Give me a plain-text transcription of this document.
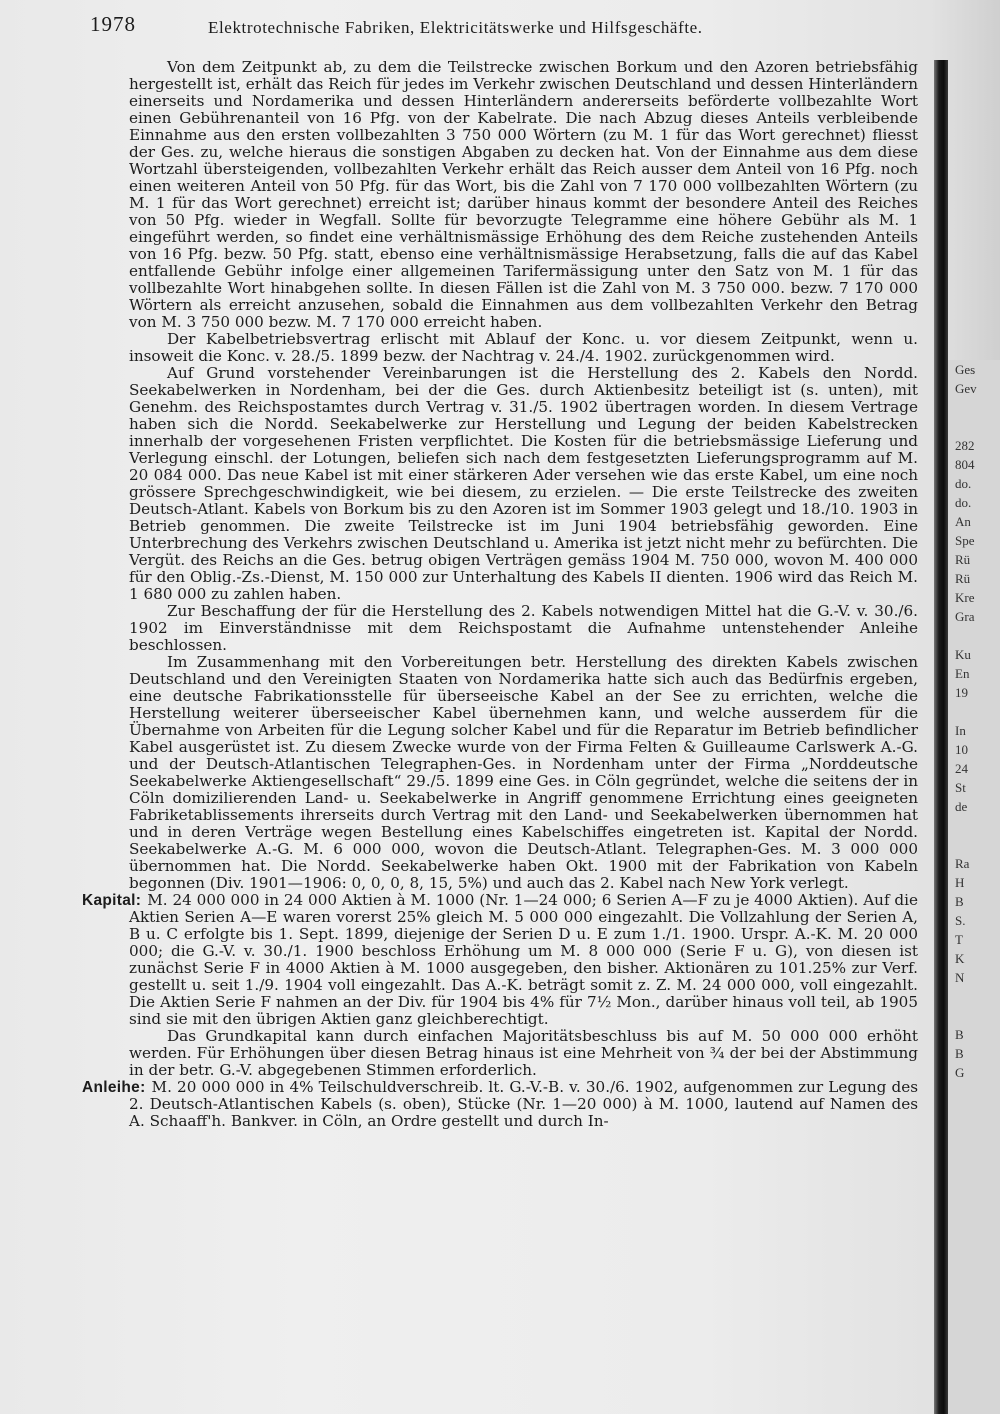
1978	Elektrotechnische Fabriken, Elektricitätswerke und Hilfsgeschäfte.

Von dem Zeitpunkt ab, zu dem die Teilstrecke zwischen Borkum und den Azoren betriebsfähig hergestellt ist, erhält das Reich für jedes im Verkehr zwischen Deutschland und dessen Hinterländern einerseits und Nordamerika und dessen Hinterländern andererseits beförderte vollbezahlte Wort einen Gebührenanteil von 16 Pfg. von der Kabelrate. Die nach Abzug dieses Anteils verbleibende Einnahme aus den ersten vollbezahlten 3 750 000 Wörtern (zu M. 1 für das Wort gerechnet) fliesst der Ges. zu, welche hieraus die sonstigen Abgaben zu decken hat. Von der Einnahme aus dem diese Wortzahl übersteigenden, vollbezahlten Verkehr erhält das Reich ausser dem Anteil von 16 Pfg. noch einen weiteren Anteil von 50 Pfg. für das Wort, bis die Zahl von 7 170 000 vollbezahlten Wörtern (zu M. 1 für das Wort gerechnet) erreicht ist; darüber hinaus kommt der besondere Anteil des Reiches von 50 Pfg. wieder in Wegfall. Sollte für bevorzugte Telegramme eine höhere Gebühr als M. 1 eingeführt werden, so findet eine verhältnismässige Erhöhung des dem Reiche zustehenden Anteils von 16 Pfg. bezw. 50 Pfg. statt, ebenso eine verhältnismässige Herabsetzung, falls die auf das Kabel entfallende Gebühr infolge einer allgemeinen Tarifermässigung unter den Satz von M. 1 für das vollbezahlte Wort hinabgehen sollte. In diesen Fällen ist die Zahl von M. 3 750 000. bezw. 7 170 000 Wörtern als erreicht anzusehen, sobald die Einnahmen aus dem vollbezahlten Verkehr den Betrag von M. 3 750 000 bezw. M. 7 170 000 erreicht haben.

Der Kabelbetriebsvertrag erlischt mit Ablauf der Konc. u. vor diesem Zeitpunkt, wenn u. insoweit die Konc. v. 28./5. 1899 bezw. der Nachtrag v. 24./4. 1902. zurückgenommen wird.

Auf Grund vorstehender Vereinbarungen ist die Herstellung des 2. Kabels den Nordd. Seekabelwerken in Nordenham, bei der die Ges. durch Aktienbesitz beteiligt ist (s. unten), mit Genehm. des Reichspostamtes durch Vertrag v. 31./5. 1902 übertragen worden. In diesem Vertrage haben sich die Nordd. Seekabelwerke zur Herstellung und Legung der beiden Kabelstrecken innerhalb der vorgesehenen Fristen verpflichtet. Die Kosten für die betriebsmässige Lieferung und Verlegung einschl. der Lotungen, beliefen sich nach dem festgesetzten Lieferungsprogramm auf M. 20 084 000. Das neue Kabel ist mit einer stärkeren Ader versehen wie das erste Kabel, um eine noch grössere Sprechgeschwindigkeit, wie bei diesem, zu erzielen. — Die erste Teilstrecke des zweiten Deutsch-Atlant. Kabels von Borkum bis zu den Azoren ist im Sommer 1903 gelegt und 18./10. 1903 in Betrieb genommen. Die zweite Teilstrecke ist im Juni 1904 betriebsfähig geworden. Eine Unterbrechung des Verkehrs zwischen Deutschland u. Amerika ist jetzt nicht mehr zu befürchten. Die Vergüt. des Reichs an die Ges. betrug obigen Verträgen gemäss 1904 M. 750 000, wovon M. 400 000 für den Oblig.-Zs.-Dienst, M. 150 000 zur Unterhaltung des Kabels II dienten. 1906 wird das Reich M. 1 680 000 zu zahlen haben.

Zur Beschaffung der für die Herstellung des 2. Kabels notwendigen Mittel hat die G.-V. v. 30./6. 1902 im Einverständnisse mit dem Reichspostamt die Aufnahme untenstehender Anleihe beschlossen.

Im Zusammenhang mit den Vorbereitungen betr. Herstellung des direkten Kabels zwischen Deutschland und den Vereinigten Staaten von Nordamerika hatte sich auch das Bedürfnis ergeben, eine deutsche Fabrikationsstelle für überseeische Kabel an der See zu errichten, welche die Herstellung weiterer überseeischer Kabel übernehmen kann, und welche ausserdem für die Übernahme von Arbeiten für die Legung solcher Kabel und für die Reparatur im Betrieb befindlicher Kabel ausgerüstet ist. Zu diesem Zwecke wurde von der Firma Felten & Guilleaume Carlswerk A.-G. und der Deutsch-Atlantischen Telegraphen-Ges. in Nordenham unter der Firma „Norddeutsche Seekabelwerke Aktiengesellschaft“ 29./5. 1899 eine Ges. in Cöln gegründet, welche die seitens der in Cöln domizilierenden Land- u. Seekabelwerke in Angriff genommene Errichtung eines geeigneten Fabriketablissements ihrerseits durch Vertrag mit den Land- und Seekabelwerken übernommen hat und in deren Verträge wegen Bestellung eines Kabelschiffes eingetreten ist. Kapital der Nordd. Seekabelwerke A.-G. M. 6 000 000, wovon die Deutsch-Atlant. Telegraphen-Ges. M. 3 000 000 übernommen hat. Die Nordd. Seekabelwerke haben Okt. 1900 mit der Fabrikation von Kabeln begonnen (Div. 1901—1906: 0, 0, 0, 8, 15, 5%) und auch das 2. Kabel nach New York verlegt.

Kapital: M. 24 000 000 in 24 000 Aktien à M. 1000 (Nr. 1—24 000; 6 Serien A—F zu je 4000 Aktien). Auf die Aktien Serien A—E waren vorerst 25% gleich M. 5 000 000 eingezahlt. Die Vollzahlung der Serien A, B u. C erfolgte bis 1. Sept. 1899, diejenige der Serien D u. E zum 1./1. 1900. Urspr. A.-K. M. 20 000 000; die G.-V. v. 30./1. 1900 beschloss Erhöhung um M. 8 000 000 (Serie F u. G), von diesen ist zunächst Serie F in 4000 Aktien à M. 1000 ausgegeben, den bisher. Aktionären zu 101.25% zur Verf. gestellt u. seit 1./9. 1904 voll eingezahlt. Das A.-K. beträgt somit z. Z. M. 24 000 000, voll eingezahlt. Die Aktien Serie F nahmen an der Div. für 1904 bis 4% für 7½ Mon., darüber hinaus voll teil, ab 1905 sind sie mit den übrigen Aktien ganz gleichberechtigt.

Das Grundkapital kann durch einfachen Majoritätsbeschluss bis auf M. 50 000 000 erhöht werden. Für Erhöhungen über diesen Betrag hinaus ist eine Mehrheit von ¾ der bei der Abstimmung in der betr. G.-V. abgegebenen Stimmen erforderlich.

Anleihe: M. 20 000 000 in 4% Teilschuldverschreib. lt. G.-V.-B. v. 30./6. 1902, aufgenommen zur Legung des 2. Deutsch-Atlantischen Kabels (s. oben), Stücke (Nr. 1—20 000) à M. 1000, lautend auf Namen des A. Schaaff'h. Bankver. in Cöln, an Ordre gestellt und durch In-

Ges
Gev

282
804
do.
do.
An
Spe
Rü
Rü
Kre
Gra

Ku
En
19

In
10
24
St
de

Ra
H
B
S.
T
K
N

B
B
G
